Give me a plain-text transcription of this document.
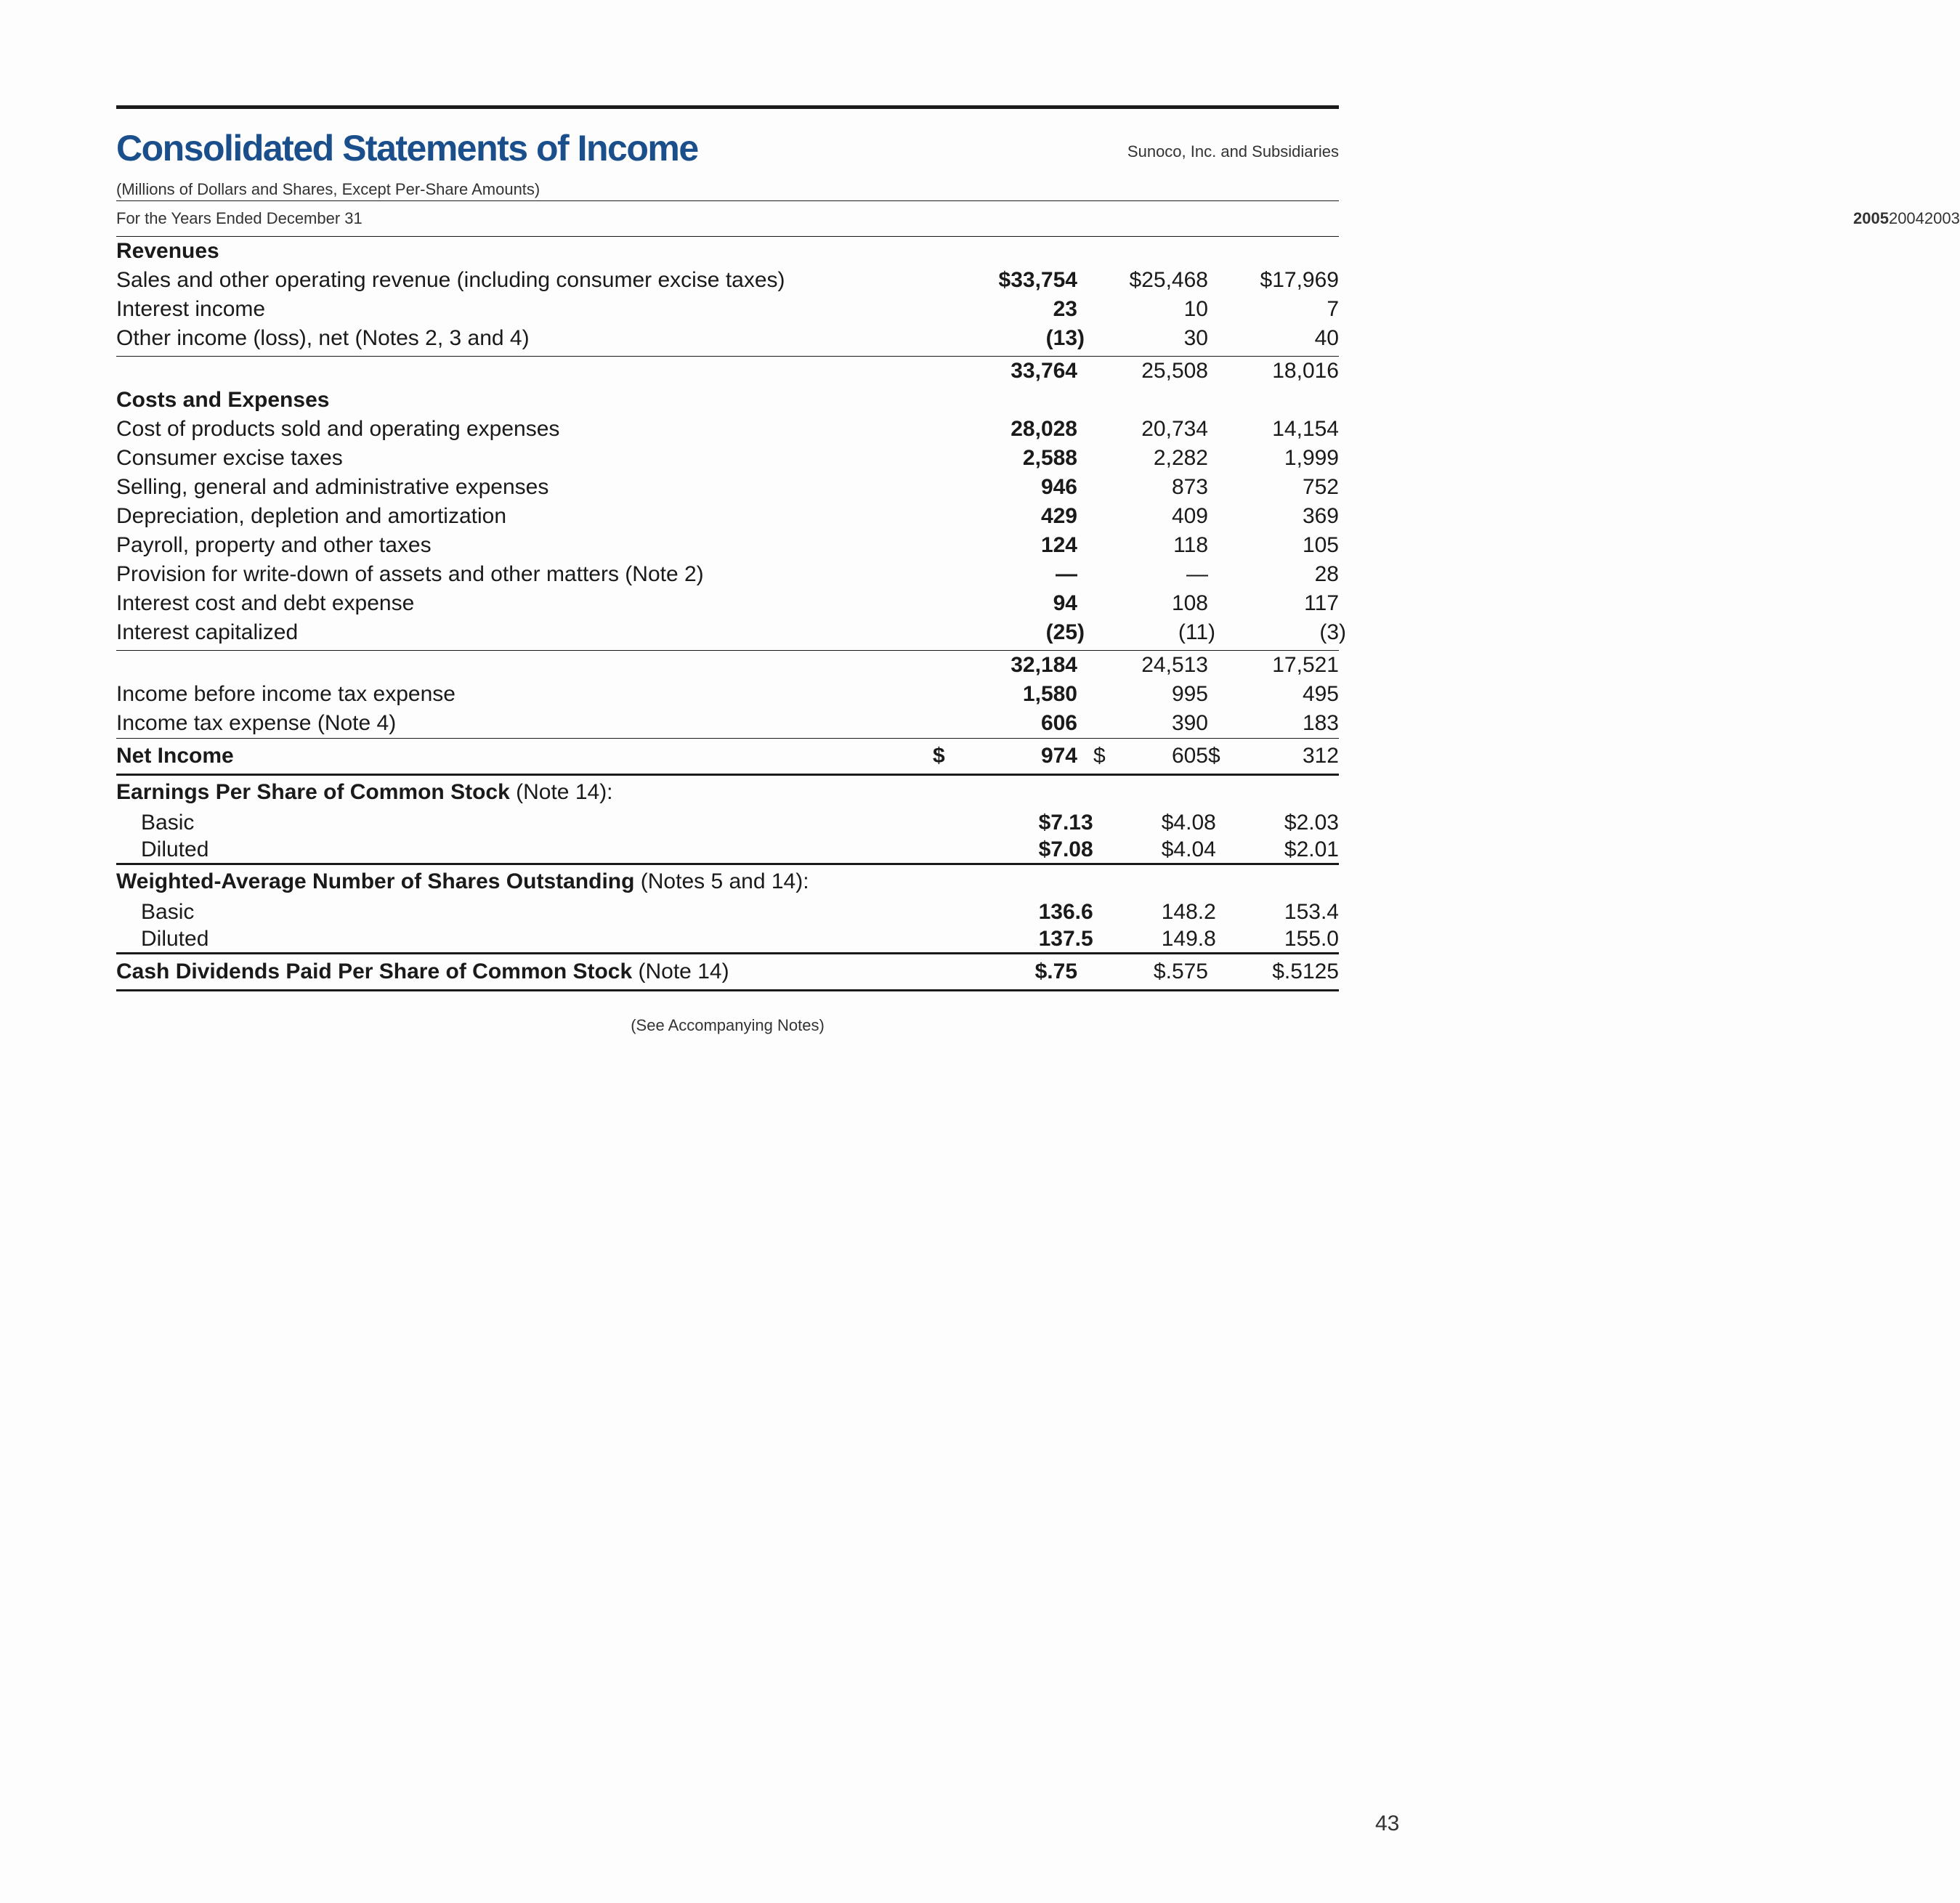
Consolidated Statements of Income	Sunoco, Inc. and Subsidiaries
(Millions of Dollars and Shares, Except Per-Share Amounts)
For the Years Ended December 31	2005 2004 2003
Revenues
Sales and other operating revenue (including consumer excise taxes)	$33,754	$25,468	$17,969
Interest income	23	10	7
Other income (loss), net (Notes 2, 3 and 4)	(13)	30	40
33,764	25,508	18,016
Costs and Expenses
Cost of products sold and operating expenses	28,028	20,734	14,154
Consumer excise taxes	2,588	2,282	1,999
Selling, general and administrative expenses	946	873	752
Depreciation, depletion and amortization	429	409	369
Payroll, property and other taxes	124	118	105
Provision for write-down of assets and other matters (Note 2)	—	—	28
Interest cost and debt expense	94	108	117
Interest capitalized	(25)	(11)	(3)
32,184	24,513	17,521
Income before income tax expense	1,580	995	495
Income tax expense (Note 4)	606	390	183
Net Income	$	974 $	605 $	312
Earnings Per Share of Common Stock (Note 14):
Basic	$7.13	$4.08	$2.03
Diluted	$7.08	$4.04	$2.01
Weighted-Average Number of Shares Outstanding (Notes 5 and 14):
Basic	136.6	148.2	153.4
Diluted	137.5	149.8	155.0
Cash Dividends Paid Per Share of Common Stock (Note 14)	$.75	$.575	$.5125
(See Accompanying Notes)
43
